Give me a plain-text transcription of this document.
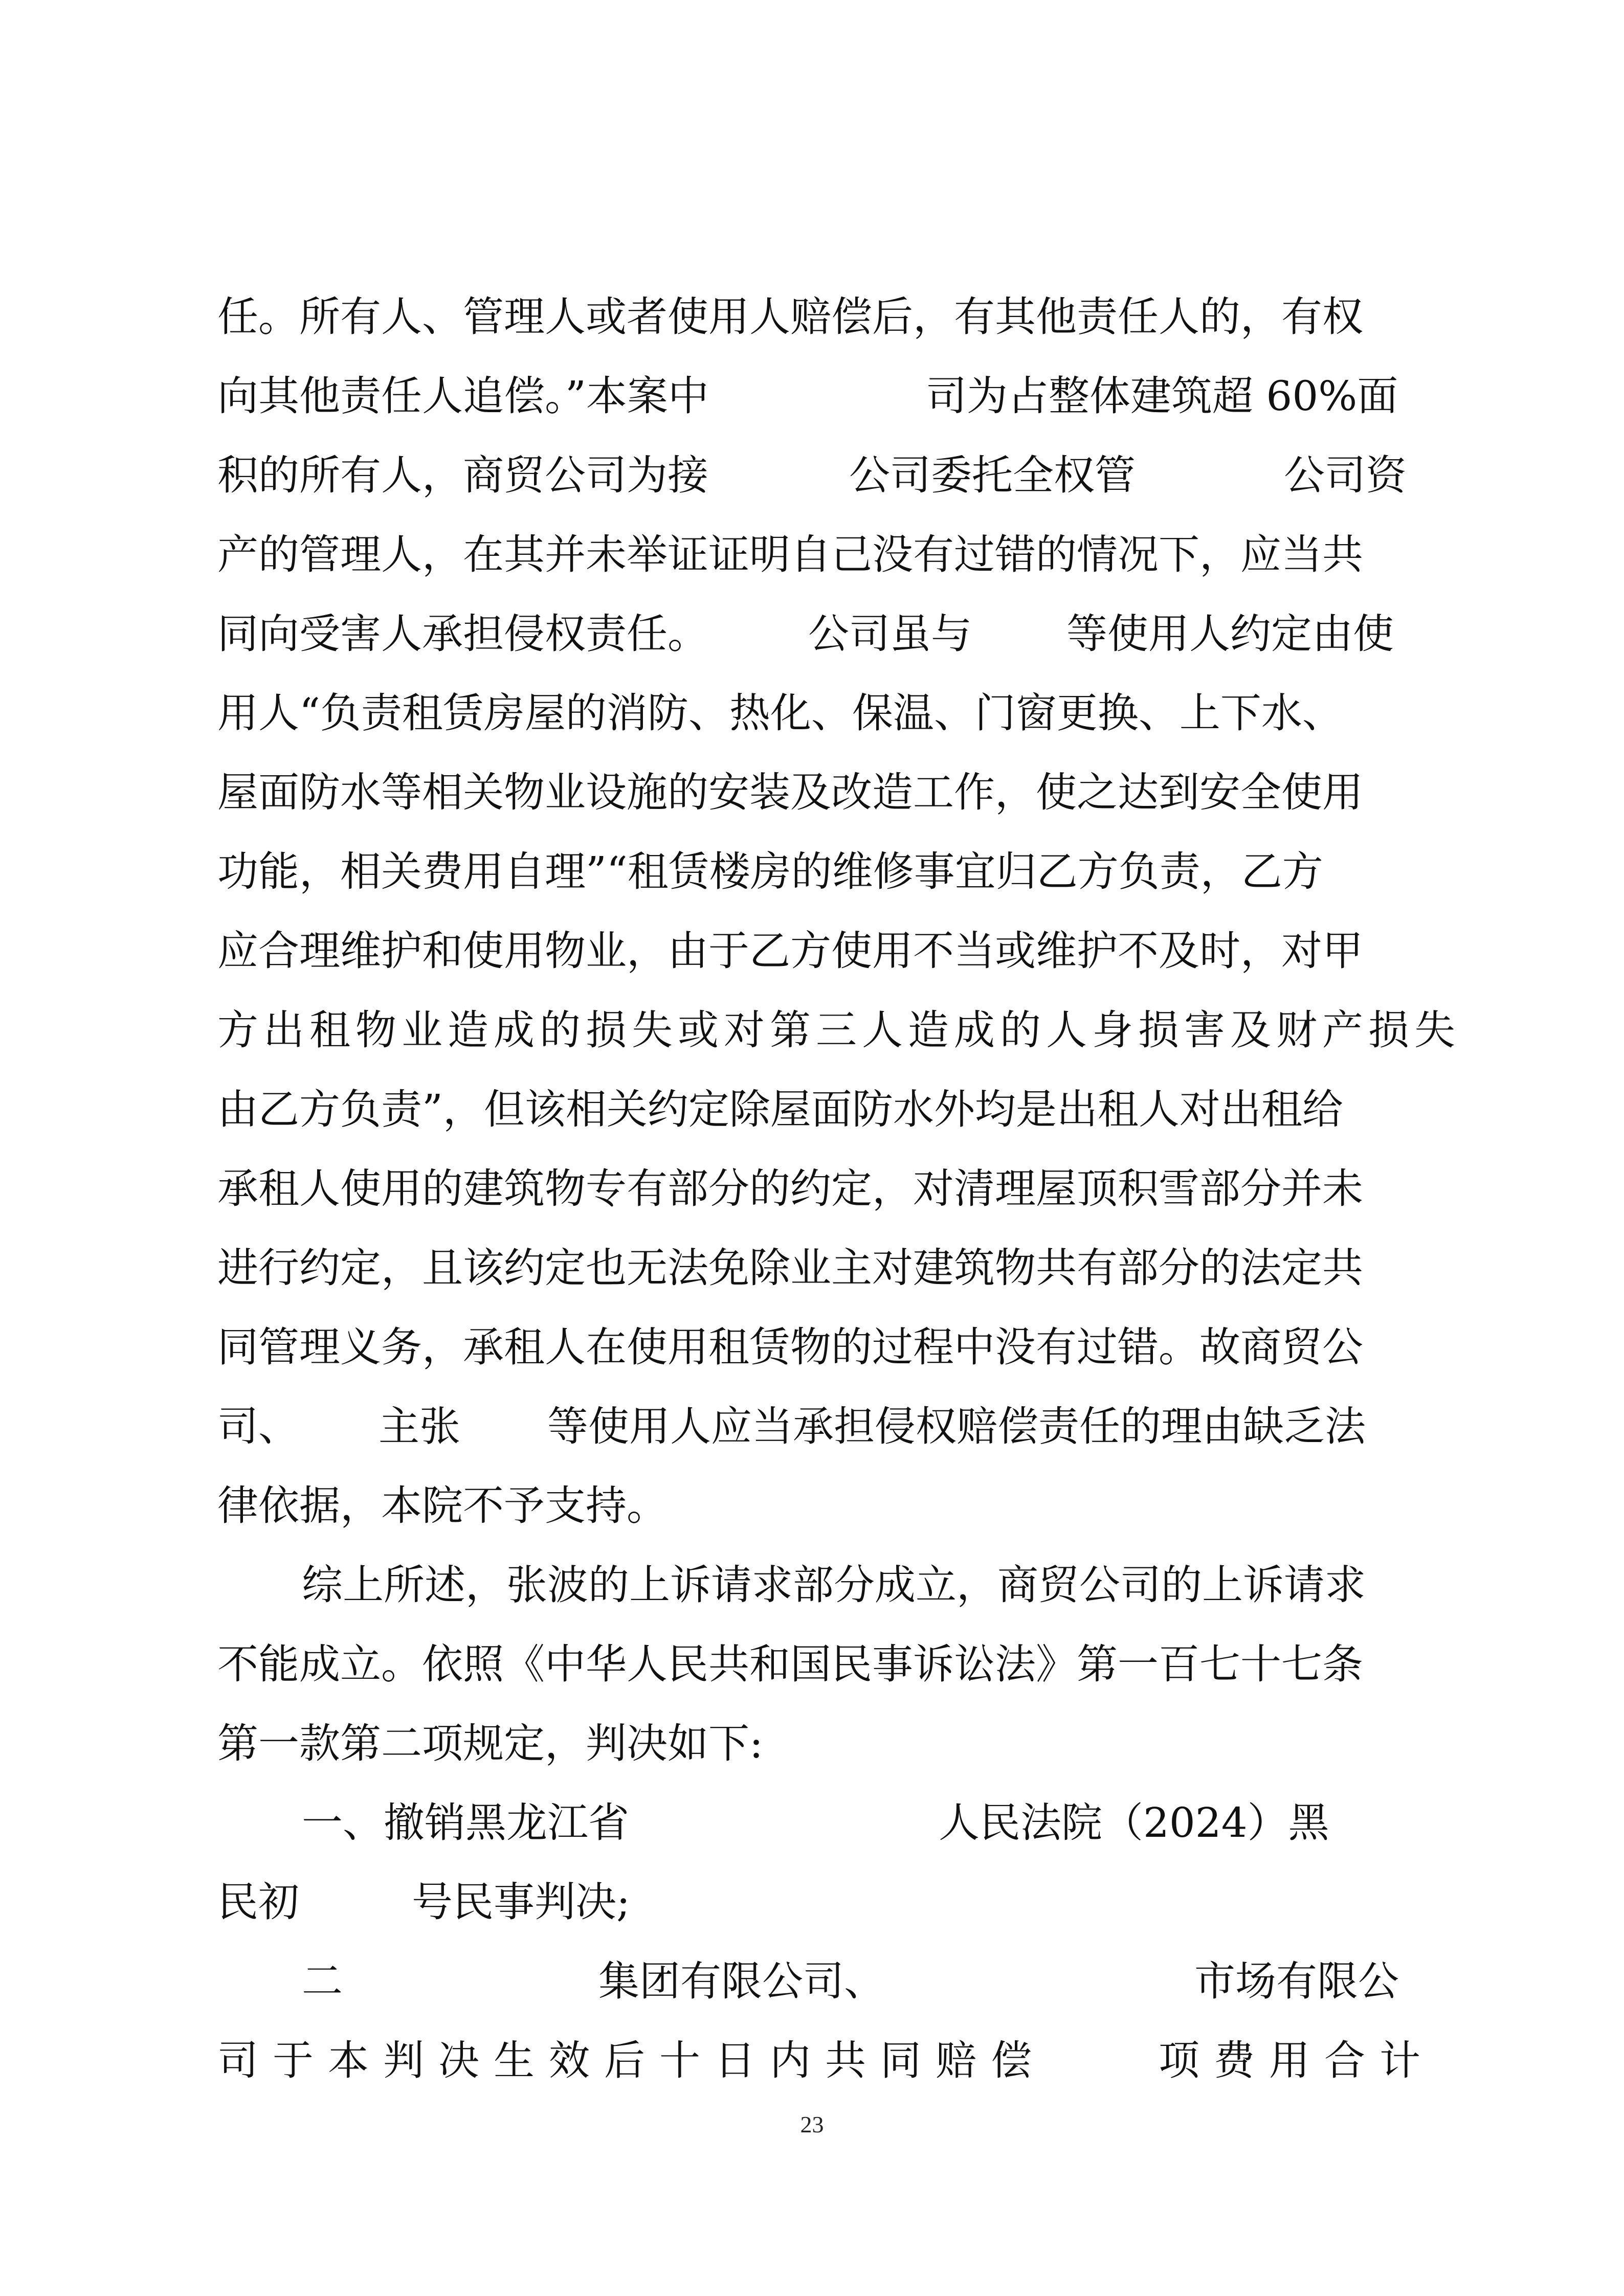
任。所有人、管理人或者使用人赔偿后，有其他责任人的，有权

向其他责任人追偿。”本案中

	司为占整体建筑超 60%面

积的所有人，商贸公司为接

	公司委托全权管

	公司资

产的管理人，在其并未举证证明自己没有过错的情况下，应当共

同向受害人承担侵权责任。

公司虽与

等使用人约定由使

用人“负责租赁房屋的消防、热化、保温、门窗更换、上下水、

屋面防水等相关物业设施的安装及改造工作，使之达到安全使用

功能，相关费用自理”“租赁楼房的维修事宜归乙方负责，乙方

应合理维护和使用物业，由于乙方使用不当或维护不及时，对甲

方出租物业造成的损失或对第三人造成的人身损害及财产损失

由乙方负责”，但该相关约定除屋面防水外均是出租人对出租给

承租人使用的建筑物专有部分的约定，对清理屋顶积雪部分并未

进行约定，且该约定也无法免除业主对建筑物共有部分的法定共

同管理义务，承租人在使用租赁物的过程中没有过错。故商贸公

司、

主张

等使用人应当承担侵权赔偿责任的理由缺乏法

律依据，本院不予支持。

综上所述，张波的上诉请求部分成立，商贸公司的上诉请求

不能成立。依照《中华人民共和国民事诉讼法》第一百七十七条

第一款第二项规定，判决如下:

一、撤销黑龙江省

	人民法院（2024）黑

民初

	号民事判决;

二

	集团有限公司、

	市场有限公

司于本判决生效后十日内共同赔偿

	项费用合计

23
